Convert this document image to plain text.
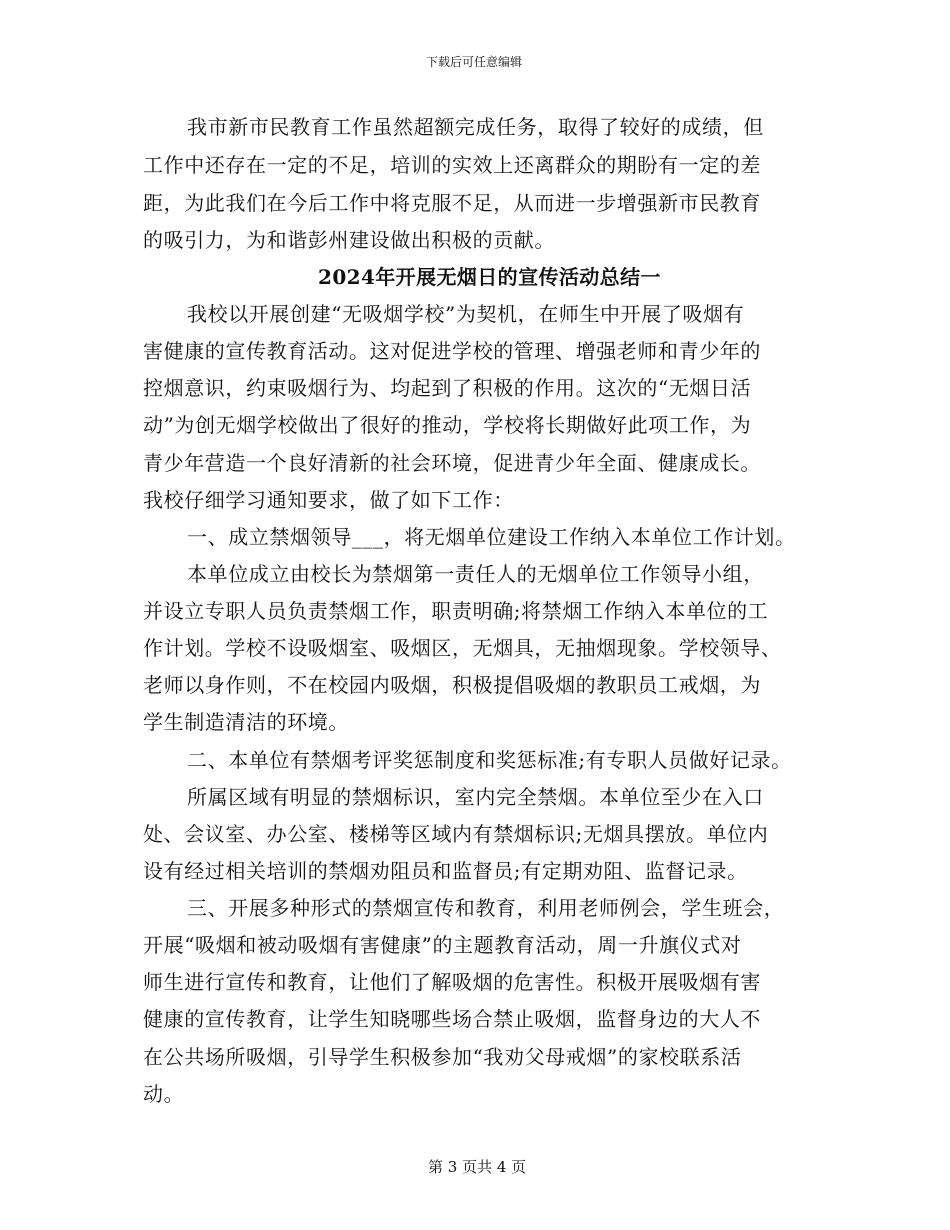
下载后可任意编辑
我市新市民教育工作虽然超额完成任务，取得了较好的成绩，但
工作中还存在一定的不足，培训的实效上还离群众的期盼有一定的差
距，为此我们在今后工作中将克服不足，从而进一步增强新市民教育
的吸引力，为和谐彭州建设做出积极的贡献。
2024年开展无烟日的宣传活动总结一
我校以开展创建“无吸烟学校”为契机，在师生中开展了吸烟有
害健康的宣传教育活动。这对促进学校的管理、增强老师和青少年的
控烟意识，约束吸烟行为、均起到了积极的作用。这次的“无烟日活
动”为创无烟学校做出了很好的推动，学校将长期做好此项工作，为
青少年营造一个良好清新的社会环境，促进青少年全面、健康成长。
我校仔细学习通知要求，做了如下工作：
一、成立禁烟领导___，将无烟单位建设工作纳入本单位工作计划。
本单位成立由校长为禁烟第一责任人的无烟单位工作领导小组，
并设立专职人员负责禁烟工作，职责明确;将禁烟工作纳入本单位的工
作计划。学校不设吸烟室、吸烟区，无烟具，无抽烟现象。学校领导、
老师以身作则，不在校园内吸烟，积极提倡吸烟的教职员工戒烟，为
学生制造清洁的环境。
二、本单位有禁烟考评奖惩制度和奖惩标准;有专职人员做好记录。
所属区域有明显的禁烟标识，室内完全禁烟。本单位至少在入口
处、会议室、办公室、楼梯等区域内有禁烟标识;无烟具摆放。单位内
设有经过相关培训的禁烟劝阻员和监督员;有定期劝阻、监督记录。
三、开展多种形式的禁烟宣传和教育，利用老师例会，学生班会，
开展“吸烟和被动吸烟有害健康”的主题教育活动，周一升旗仪式对
师生进行宣传和教育，让他们了解吸烟的危害性。积极开展吸烟有害
健康的宣传教育，让学生知晓哪些场合禁止吸烟，监督身边的大人不
在公共场所吸烟，引导学生积极参加“我劝父母戒烟”的家校联系活
动。
第 3 页共 4 页
